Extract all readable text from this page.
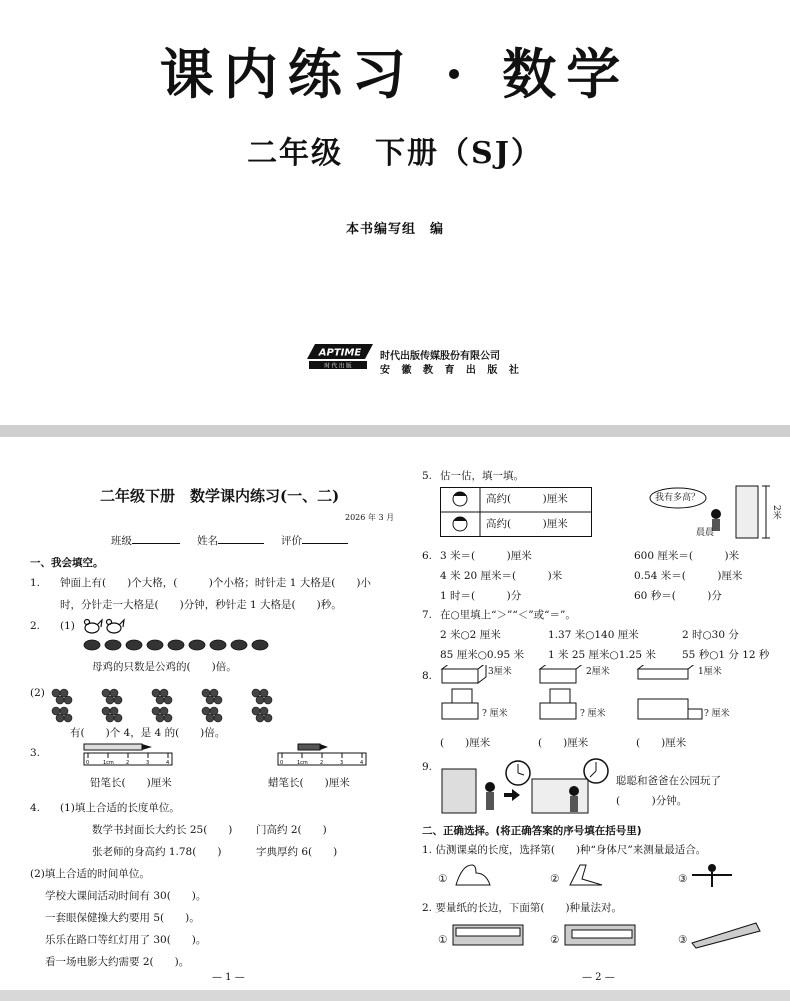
课内练习 · 数学
二年级　下册（SJ）
本书编写组　编
APTIME
时 代 出 版
时代出版传媒股份有限公司
安 徽 教 育 出 版 社
二年级下册　数学课内练习(一、二)
2026 年 3 月
班级	姓名	评价
一、我会填空。
1. 钟面上有(　　)个大格，(　　　)个小格；时针走 1 大格是(　　)小
时，分针走一大格是(　　)分钟，秒针走 1 大格是(　　)秒。
2. (1)
母鸡的只数是公鸡的(　　)倍。
(2)
有(　　)个 4，是 4 的(　　)倍。
3.
0	1cm 2	3	4	0	1cm 2	3	4
铅笔长(　　)厘米	蜡笔长(　　)厘米
4. (1)填上合适的长度单位。
数学书封面长大约长 25(　　) 门高约 2(　　)
张老师的身高约 1.78(　　)	字典厚约 6(　　)
(2)填上合适的时间单位。
学校大课间活动时间有 30(　　)。
一套眼保健操大约要用 5(　　)。
乐乐在路口等红灯用了 30(　　)。
看一场电影大约需要 2(　　)。
— 1 —
5. 估一估，填一填。
高约(　　　)厘米
高约(　　　)厘米
我有多高？
晨晨
2米
6. 3 米＝(　　　)厘米	600 厘米＝(　　　)米
4 米 20 厘米＝(　　　)米	0.54 米＝(　　　)厘米
1 时＝(　　　)分	60 秒＝(　　　)分
7. 在○里填上“＞”“＜”或“＝”。
2 米○2 厘米	1.37 米○140 厘米	2 时○30 分
85 厘米○0.95 米 1 米 25 厘米○1.25 米 55 秒○1 分 12 秒
8.	3厘米	2厘米	1厘米
? 厘米	? 厘米	? 厘米
(　　)厘米	(　　)厘米	(　　)厘米
9.
聪聪和爸爸在公园玩了
(　　　)分钟。
二、正确选择。(将正确答案的序号填在括号里)
1. 估测课桌的长度，选择第(　　)种“身体尺”来测量最适合。
①	②	③
2. 要量纸的长边，下面第(　　)种量法对。
①	②	③
— 2 —
